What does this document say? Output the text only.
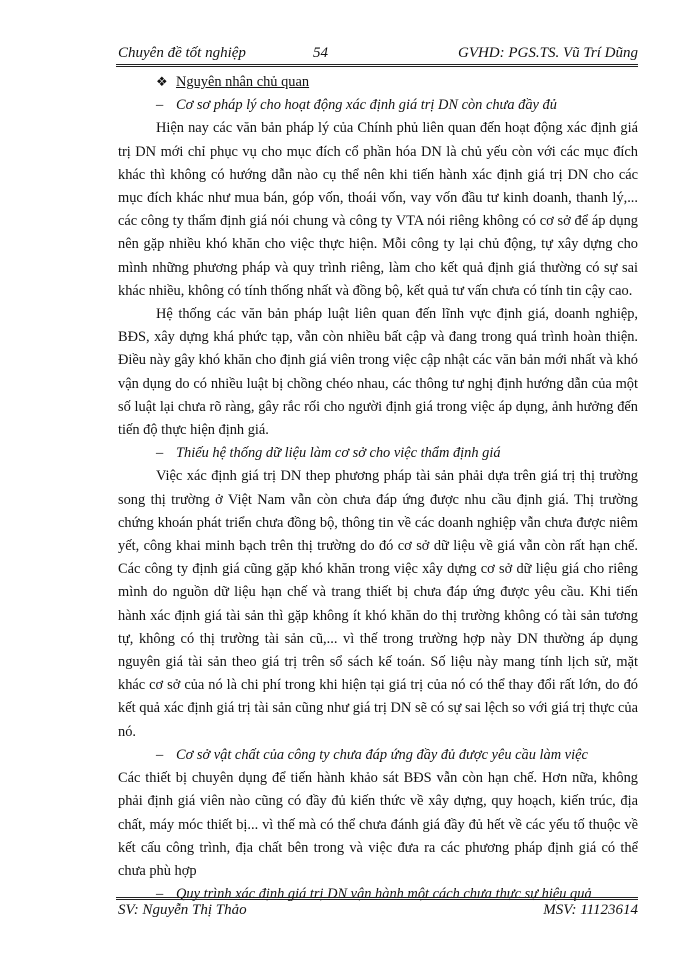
Chuyên đề tốt nghiệp	54	GVHD: PGS.TS. Vũ Trí Dũng

❖ Nguyên nhân chủ quan

– Cơ sơ pháp lý cho hoạt động xác định giá trị DN còn chưa đầy đủ

Hiện nay các văn bản pháp lý của Chính phủ liên quan đến hoạt động xác định giá trị DN mới chỉ phục vụ cho mục đích cổ phần hóa DN là chủ yếu còn với các mục đích khác thì không có hướng dẫn nào cụ thể nên khi tiến hành xác định giá trị DN cho các mục đích khác như mua bán, góp vốn, thoái vốn, vay vốn đầu tư kinh doanh, thanh lý,... các công ty thẩm định giá nói chung và công ty VTA nói riêng không có cơ sở để áp dụng nên gặp nhiều khó khăn cho việc thực hiện. Mỗi công ty lại chủ động, tự xây dựng cho mình những phương pháp và quy trình riêng, làm cho kết quả định giá thường có sự sai khác nhiều, không có tính thống nhất và đồng bộ, kết quả tư vấn chưa có tính tin cậy cao.

Hệ thống các văn bản pháp luật liên quan đến lĩnh vực định giá, doanh nghiệp, BĐS, xây dựng khá phức tạp, vẫn còn nhiều bất cập và đang trong quá trình hoàn thiện. Điều này gây khó khăn cho định giá viên trong việc cập nhật các văn bản mới nhất và khó vận dụng do có nhiều luật bị chồng chéo nhau, các thông tư nghị định hướng dẫn của một số luật lại chưa rõ ràng, gây rắc rối cho người định giá trong việc áp dụng, ảnh hưởng đến tiến độ thực hiện định giá.

– Thiếu hệ thống dữ liệu làm cơ sở cho việc thẩm định giá

Việc xác định giá trị DN thep phương pháp tài sản phải dựa trên giá trị thị trường song thị trường ở Việt Nam vẫn còn chưa đáp ứng được nhu cầu định giá. Thị trường chứng khoán phát triển chưa đồng bộ, thông tin về các doanh nghiệp vẫn chưa được niêm yết, công khai minh bạch trên thị trường do đó cơ sở dữ liệu về giá vẫn còn rất hạn chế. Các công ty định giá cũng gặp khó khăn trong việc xây dựng cơ sở dữ liệu giá cho riêng mình do nguồn dữ liệu hạn chế và trang thiết bị chưa đáp ứng được yêu cầu. Khi tiến hành xác định giá tài sản thì gặp không ít khó khăn do thị trường không có tài sản tương tự, không có thị trường tài sản cũ,... vì thế trong trường hợp này DN thường áp dụng nguyên giá tài sản theo giá trị trên sổ sách kế toán. Số liệu này mang tính lịch sử, mặt khác cơ sở của nó là chi phí trong khi hiện tại giá trị của nó có thể thay đổi rất lớn, do đó kết quả xác định giá trị tài sản cũng như giá trị DN sẽ có sự sai lệch so với giá trị thực của nó.

– Cơ sở vật chất của công ty chưa đáp ứng đầy đủ được yêu cầu làm việc

Các thiết bị chuyên dụng để tiến hành khảo sát BĐS vẫn còn hạn chế. Hơn nữa, không phải định giá viên nào cũng có đầy đủ kiến thức về xây dựng, quy hoạch, kiến trúc, địa chất, máy móc thiết bị... vì thế mà có thể chưa đánh giá đầy đủ hết về các yếu tố thuộc về kết cấu công trình, địa chất bên trong và việc đưa ra các phương pháp định giá có thể chưa phù hợp

– Quy trình xác định giá trị DN vận hành một cách chưa thực sự hiệu quả

SV: Nguyễn Thị Thảo	MSV: 11123614
